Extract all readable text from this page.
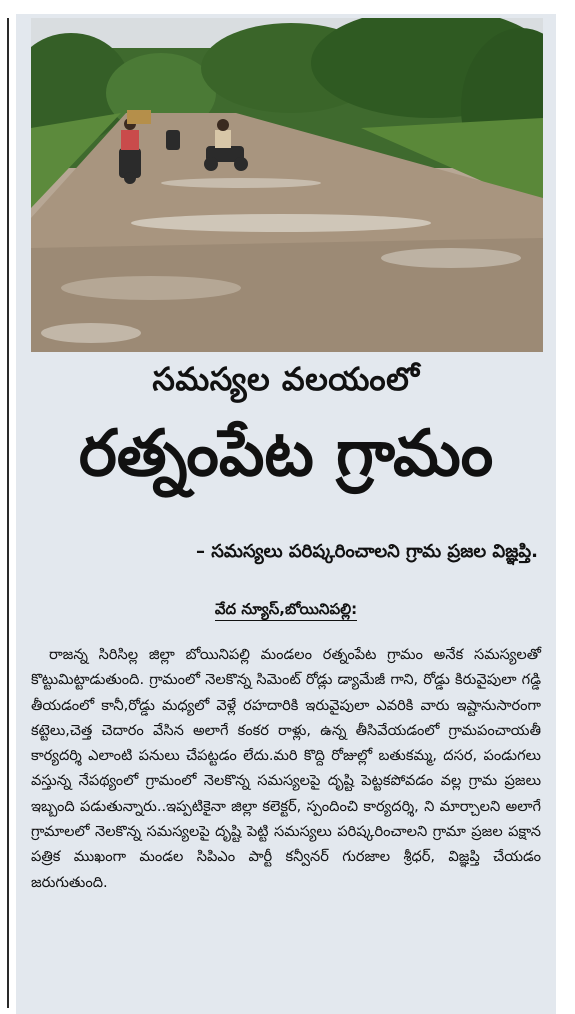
సమస్యల వలయంలో
రత్నంపేట గ్రామం
– సమస్యలు పరిష్కరించాలని గ్రామ ప్రజల విజ్ఞప్తి.
వేద న్యూస్,బోయినిపల్లి:

రాజన్న సిరిసిల్ల జిల్లా బోయినిపల్లి మండలం రత్నంపేట గ్రామం అనేక సమస్యలతో కొట్టుమిట్టాడుతుంది. గ్రామంలో నెలకొన్న సిమెంట్ రోడ్లు డ్యామేజీ గాని, రోడ్డు కిరువైపులా గడ్డి తీయడంలో కానీ,రోడ్డు మధ్యలో వెళ్లే రహదారికి ఇరువైపులా ఎవరికి వారు ఇష్టానుసారంగా కట్టెలు,చెత్త చెదారం వేసిన అలాగే కంకర రాళ్లు, ఉన్న తీసివేయడంలో గ్రామపంచాయతీ కార్యదర్శి ఎలాంటి పనులు చేపట్టడం లేదు.మరి కొద్ది రోజుల్లో బతుకమ్మ, దసర, పండుగలు వస్తున్న నేపథ్యంలో గ్రామంలో నెలకొన్న సమస్యలపై దృష్టి పెట్టకపోవడం వల్ల గ్రామ ప్రజలు ఇబ్బంది పడుతున్నారు..ఇప్పటికైనా జిల్లా కలెక్టర్, స్పందించి కార్యదర్శి, ని మార్చాలని అలాగే గ్రామాలలో నెలకొన్న సమస్యలపై దృష్టి పెట్టి సమస్యలు పరిష్కరించాలని గ్రామా ప్రజల పక్షాన పత్రిక ముఖంగా మండల సిపిఎం పార్టీ కన్వీనర్ గురజాల శ్రీధర్, విజ్ఞప్తి చేయడం జరుగుతుంది.
